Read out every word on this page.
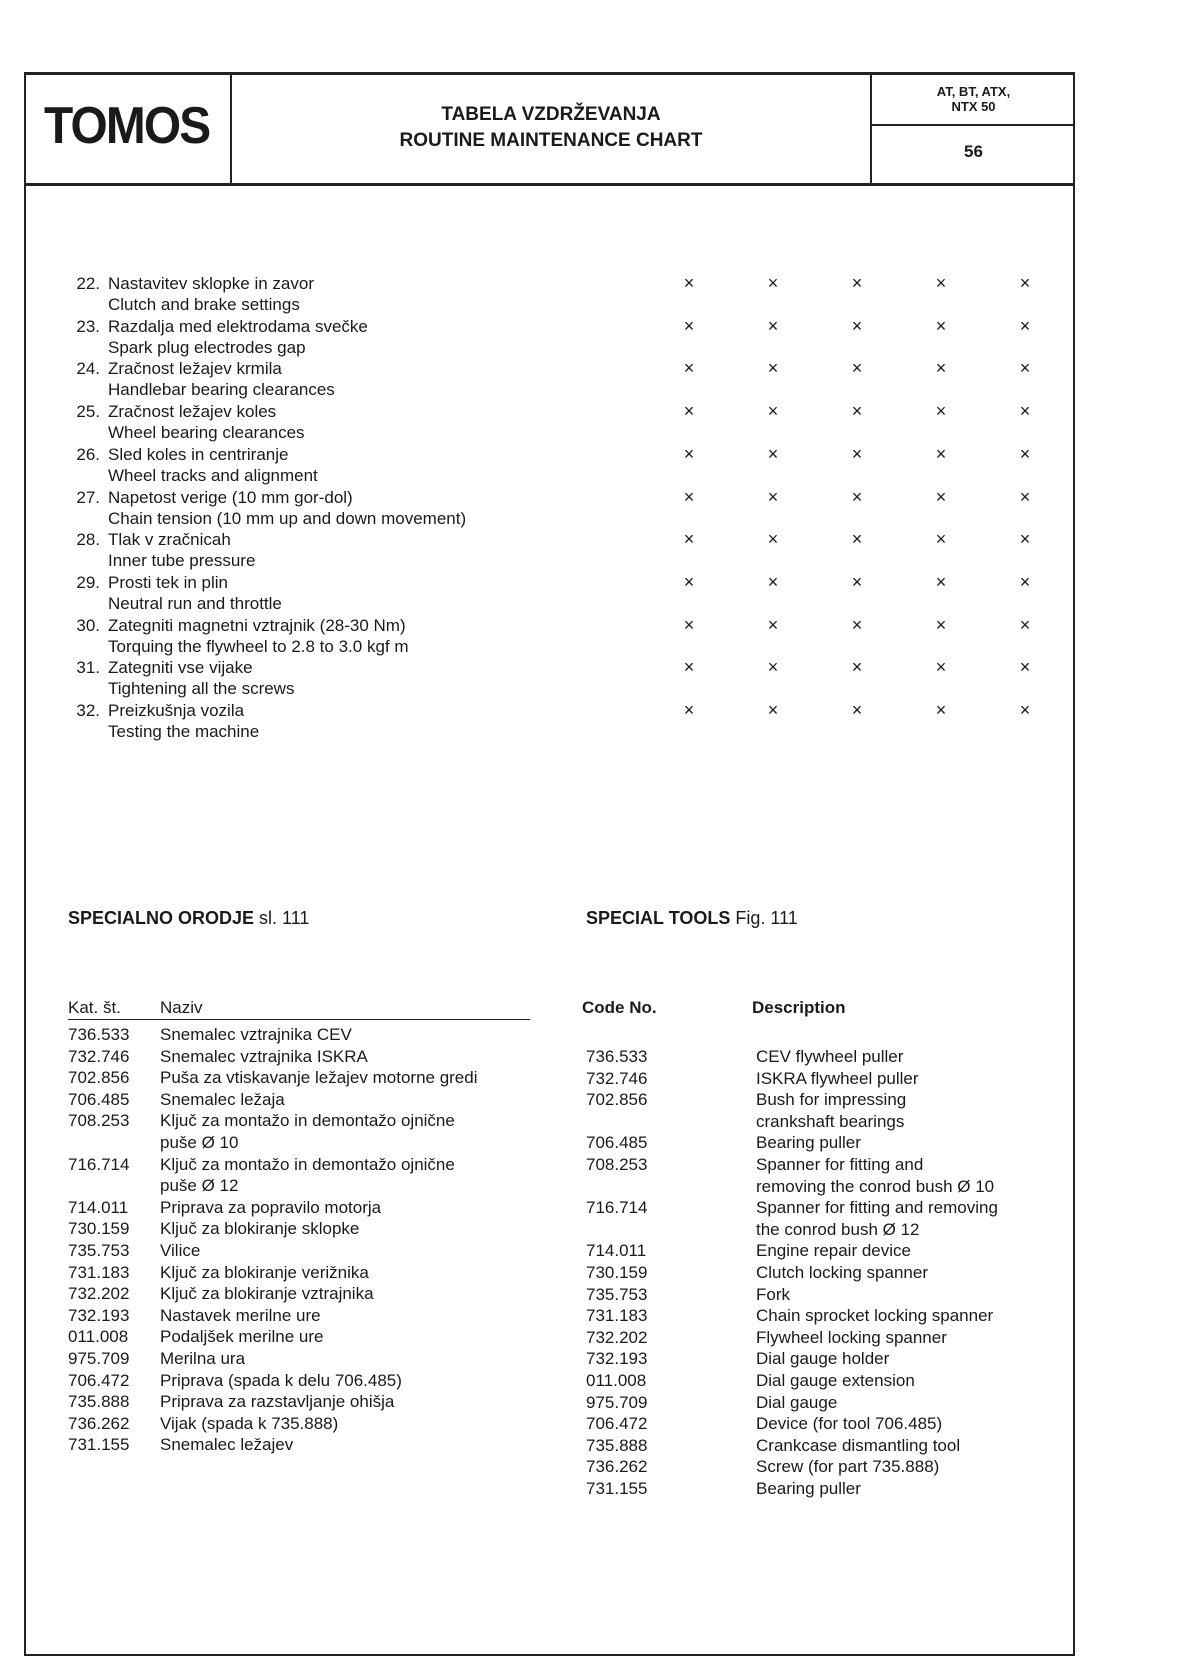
TOMOS	TABELA VZDRŽEVANJA
ROUTINE MAINTENANCE CHART
AT, BT, ATX,
NTX 50
56
22. Nastavitev sklopke in zavor
Clutch and brake settings
×	×	×	×	×
23. Razdalja med elektrodama svečke
Spark plug electrodes gap
×	×	×	×	×
24. Zračnost ležajev krmila
Handlebar bearing clearances
×	×	×	×	×
25. Zračnost ležajev koles
Wheel bearing clearances
×	×	×	×	×
26. Sled koles in centriranje
Wheel tracks and alignment
×	×	×	×	×
27. Napetost verige (10 mm gor-dol)
Chain tension (10 mm up and down movement)
×	×	×	×	×
28. Tlak v zračnicah
Inner tube pressure
×	×	×	×	×
29. Prosti tek in plin
Neutral run and throttle
×	×	×	×	×
30. Zategniti magnetni vztrajnik (28-30 Nm)
Torquing the flywheel to 2.8 to 3.0 kgf m
×	×	×	×	×
31. Zategniti vse vijake
Tightening all the screws
×	×	×	×	×
32. Preizkušnja vozila
Testing the machine
×	×	×	×	×
SPECIALNO ORODJE sl. 111	SPECIAL TOOLS Fig. 111
Kat. št. Naziv	Code No.	Description
736.533 Snemalec vztrajnika CEV
732.746 Snemalec vztrajnika ISKRA
702.856 Puša za vtiskavanje ležajev motorne gredi
706.485 Snemalec ležaja
708.253 Ključ za montažo in demontažo ojnične
puše Ø 10
716.714 Ključ za montažo in demontažo ojnične
puše Ø 12
714.011 Priprava za popravilo motorja
730.159 Ključ za blokiranje sklopke
735.753 Vilice
731.183 Ključ za blokiranje verižnika
732.202 Ključ za blokiranje vztrajnika
732.193 Nastavek merilne ure
011.008 Podaljšek merilne ure
975.709 Merilna ura
706.472 Priprava (spada k delu 706.485)
735.888 Priprava za razstavljanje ohišja
736.262 Vijak (spada k 735.888)
731.155 Snemalec ležajev
736.533	CEV flywheel puller
732.746	ISKRA flywheel puller
702.856	Bush for impressing
crankshaft bearings
706.485	Bearing puller
708.253	Spanner for fitting and
removing the conrod bush Ø 10
716.714	Spanner for fitting and removing
the conrod bush Ø 12
714.011	Engine repair device
730.159	Clutch locking spanner
735.753	Fork
731.183	Chain sprocket locking spanner
732.202	Flywheel locking spanner
732.193	Dial gauge holder
011.008	Dial gauge extension
975.709	Dial gauge
706.472	Device (for tool 706.485)
735.888	Crankcase dismantling tool
736.262	Screw (for part 735.888)
731.155	Bearing puller
